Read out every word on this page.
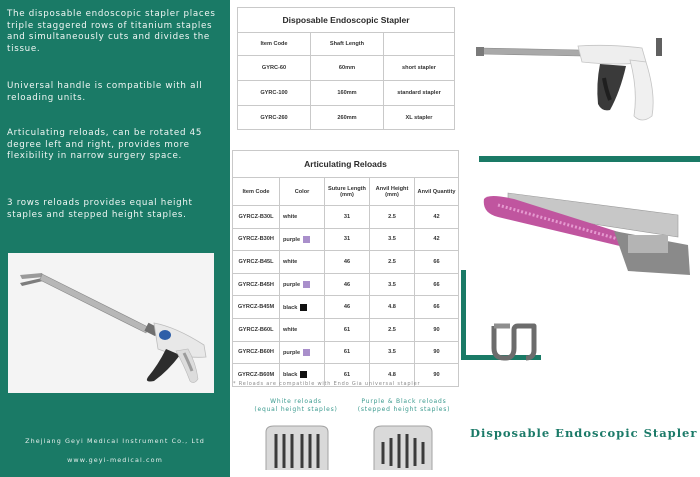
The disposable endoscopic stapler places triple staggered rows of titanium staples and simultaneously cuts and divides the tissue.

Universal handle is compatible with all reloading units.

Articulating reloads, can be rotated 45 degree left and right, provides more flexibility in narrow surgery space.

3 rows reloads provides equal height staples and stepped height staples.

Zhejiang Geyi Medical Instrument Co., Ltd
www.geyi-medical.com
Disposable Endoscopic Stapler		
Item Code	Shaft Length	
GYRC-60	60mm	short stapler
GYRC-100	160mm	standard stapler
GYRC-260	260mm	XL stapler
Articulating Reloads				
Item Code	Color	Suture Length (mm)	Anvil Height (mm)	Anvil Quantity
GYRCZ-B30L	white	31	2.5	42
GYRCZ-B30H	purple	31	3.5	42
GYRCZ-B45L	white	46	2.5	66
GYRCZ-B45H	purple	46	3.5	66
GYRCZ-B45M	black	46	4.8	66
GYRCZ-B60L	white	61	2.5	90
GYRCZ-B60H	purple	61	3.5	90
GYRCZ-B60M	black	61	4.8	90
* Reloads are compatible with Endo Gia universal stapler
White reloads
(equal height staples)
Purple & Black reloads
(stepped height staples)
Disposable Endoscopic Stapler
